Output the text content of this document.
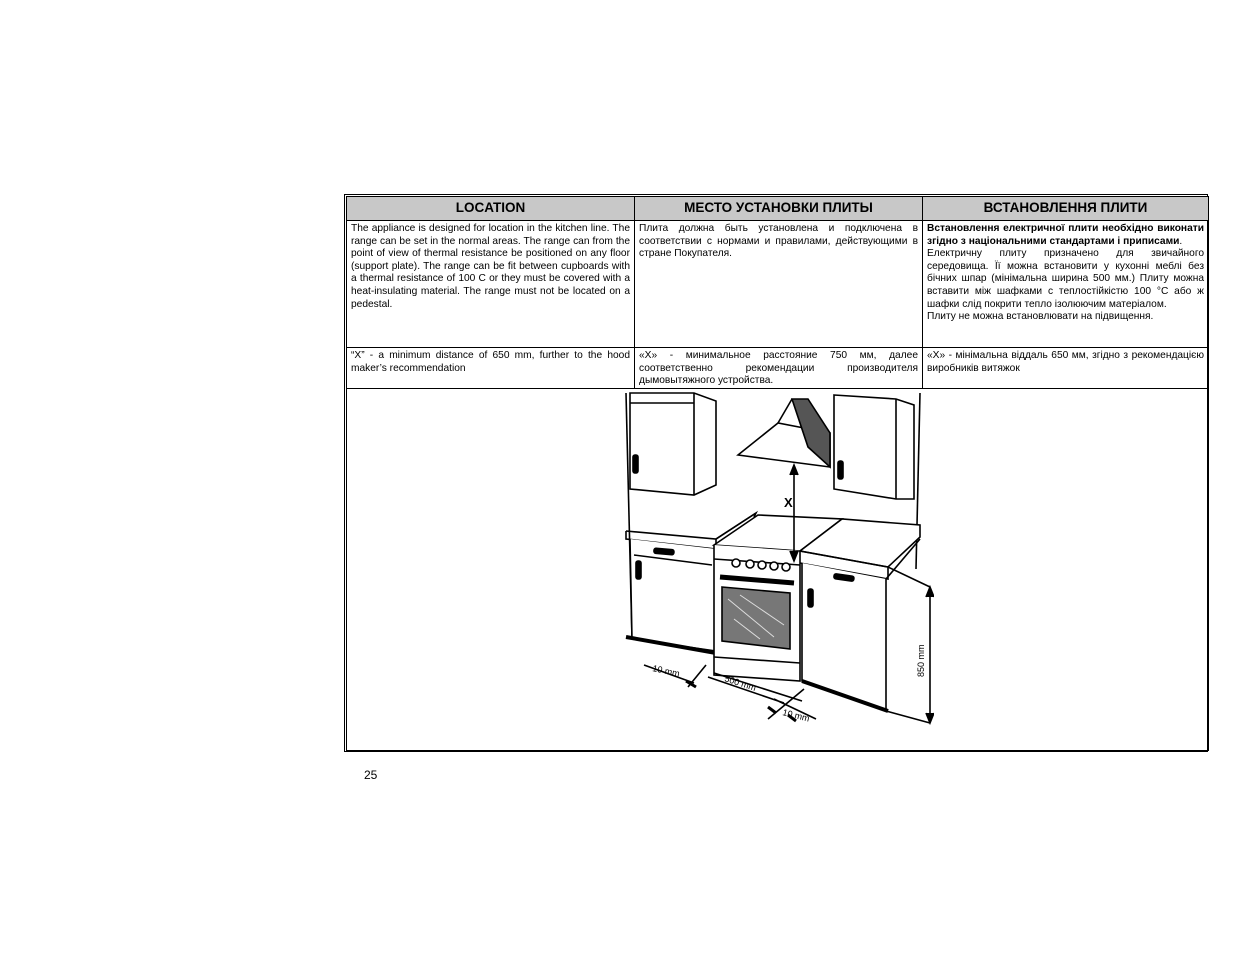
LOCATION	МЕСТО УСТАНОВКИ ПЛИТЫ	ВСТАНОВЛЕННЯ ПЛИТИ
The appliance is designed for location in the kitchen line. The range can be set in the normal areas. The range can from the point of view of thermal resistance be positioned on any floor (support plate). The range can be fit between cupboards with a thermal resistance of 100 C or they must be covered with a heat-insulating material. The range must not be located on a pedestal.
Плита должна быть установлена и подключена в соответствии с нормами и правилами, действующими в стране Покупателя.
Встановлення електричної плити необхідно виконати згідно з національними стандартами і приписами.
Електричну плиту призначено для звичайного середовища. Її можна встановити у кухонні меблі без бічних шпар (мінімальна ширина 500 мм.) Плиту можна вставити між шафками с теплостійкістю 100 °С або ж шафки слід покрити тепло ізолюючим матеріалом.
Плиту не можна встановлювати на підвищення.
“X” - a minimum distance of 650 mm, further to the hood maker’s recommendation
«Х» - минимальное расстояние 750 мм, далее соответственно рекомендации производителя дымовытяжного устройства.
«Х» - мінімальна віддаль 650 мм, згідно з рекомендацією виробників витяжок
X
10 mm
500 mm
10 mm
850 mm
25
